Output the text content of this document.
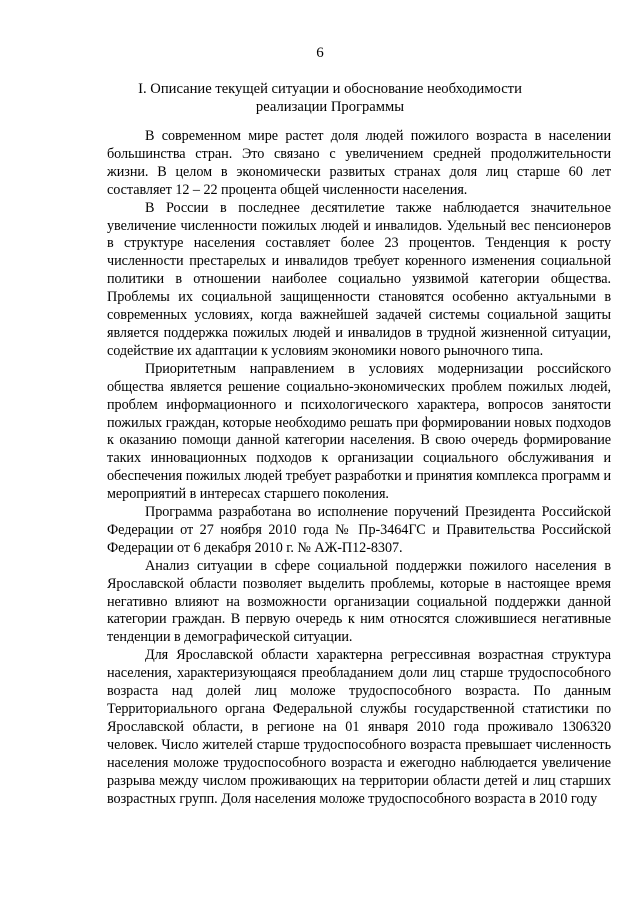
6
I. Описание текущей ситуации и обоснование необходимости реализации Программы

В современном мире растет доля людей пожилого возраста в населении большинства стран. Это связано с увеличением средней продолжительности жизни. В целом в экономически развитых странах доля лиц старше 60 лет составляет 12 – 22 процента общей численности населения.

В России в последнее десятилетие также наблюдается значительное увеличение численности пожилых людей и инвалидов. Удельный вес пенсионеров в структуре населения составляет более 23 процентов. Тенденция к росту численности престарелых и инвалидов требует коренного изменения социальной политики в отношении наиболее социально уязвимой категории общества. Проблемы их социальной защищенности становятся особенно актуальными в современных условиях, когда важнейшей задачей системы социальной защиты является поддержка пожилых людей и инвалидов в трудной жизненной ситуации, содействие их адаптации к условиям экономики нового рыночного типа.

Приоритетным направлением в условиях модернизации российского общества является решение социально-экономических проблем пожилых людей, проблем информационного и психологического характера, вопросов занятости пожилых граждан, которые необходимо решать при формировании новых подходов к оказанию помощи данной категории населения. В свою очередь формирование таких инновационных подходов к организации социального обслуживания и обеспечения пожилых людей требует разработки и принятия комплекса программ и мероприятий в интересах старшего поколения.

Программа разработана во исполнение поручений Президента Российской Федерации от 27 ноября 2010 года № Пр-3464ГС и Правительства Российской Федерации от 6 декабря 2010 г. № АЖ-П12-8307.

Анализ ситуации в сфере социальной поддержки пожилого населения в Ярославской области позволяет выделить проблемы, которые в настоящее время негативно влияют на возможности организации социальной поддержки данной категории граждан. В первую очередь к ним относятся сложившиеся негативные тенденции в демографической ситуации.

Для Ярославской области характерна регрессивная возрастная структура населения, характеризующаяся преобладанием доли лиц старше трудоспособного возраста над долей лиц моложе трудоспособного возраста. По данным Территориального органа Федеральной службы государственной статистики по Ярославской области, в регионе на 01 января 2010 года проживало 1306320 человек. Число жителей старше трудоспособного возраста превышает численность населения моложе трудоспособного возраста и ежегодно наблюдается увеличение разрыва между числом проживающих на территории области детей и лиц старших возрастных групп. Доля населения моложе трудоспособного возраста в 2010 году
